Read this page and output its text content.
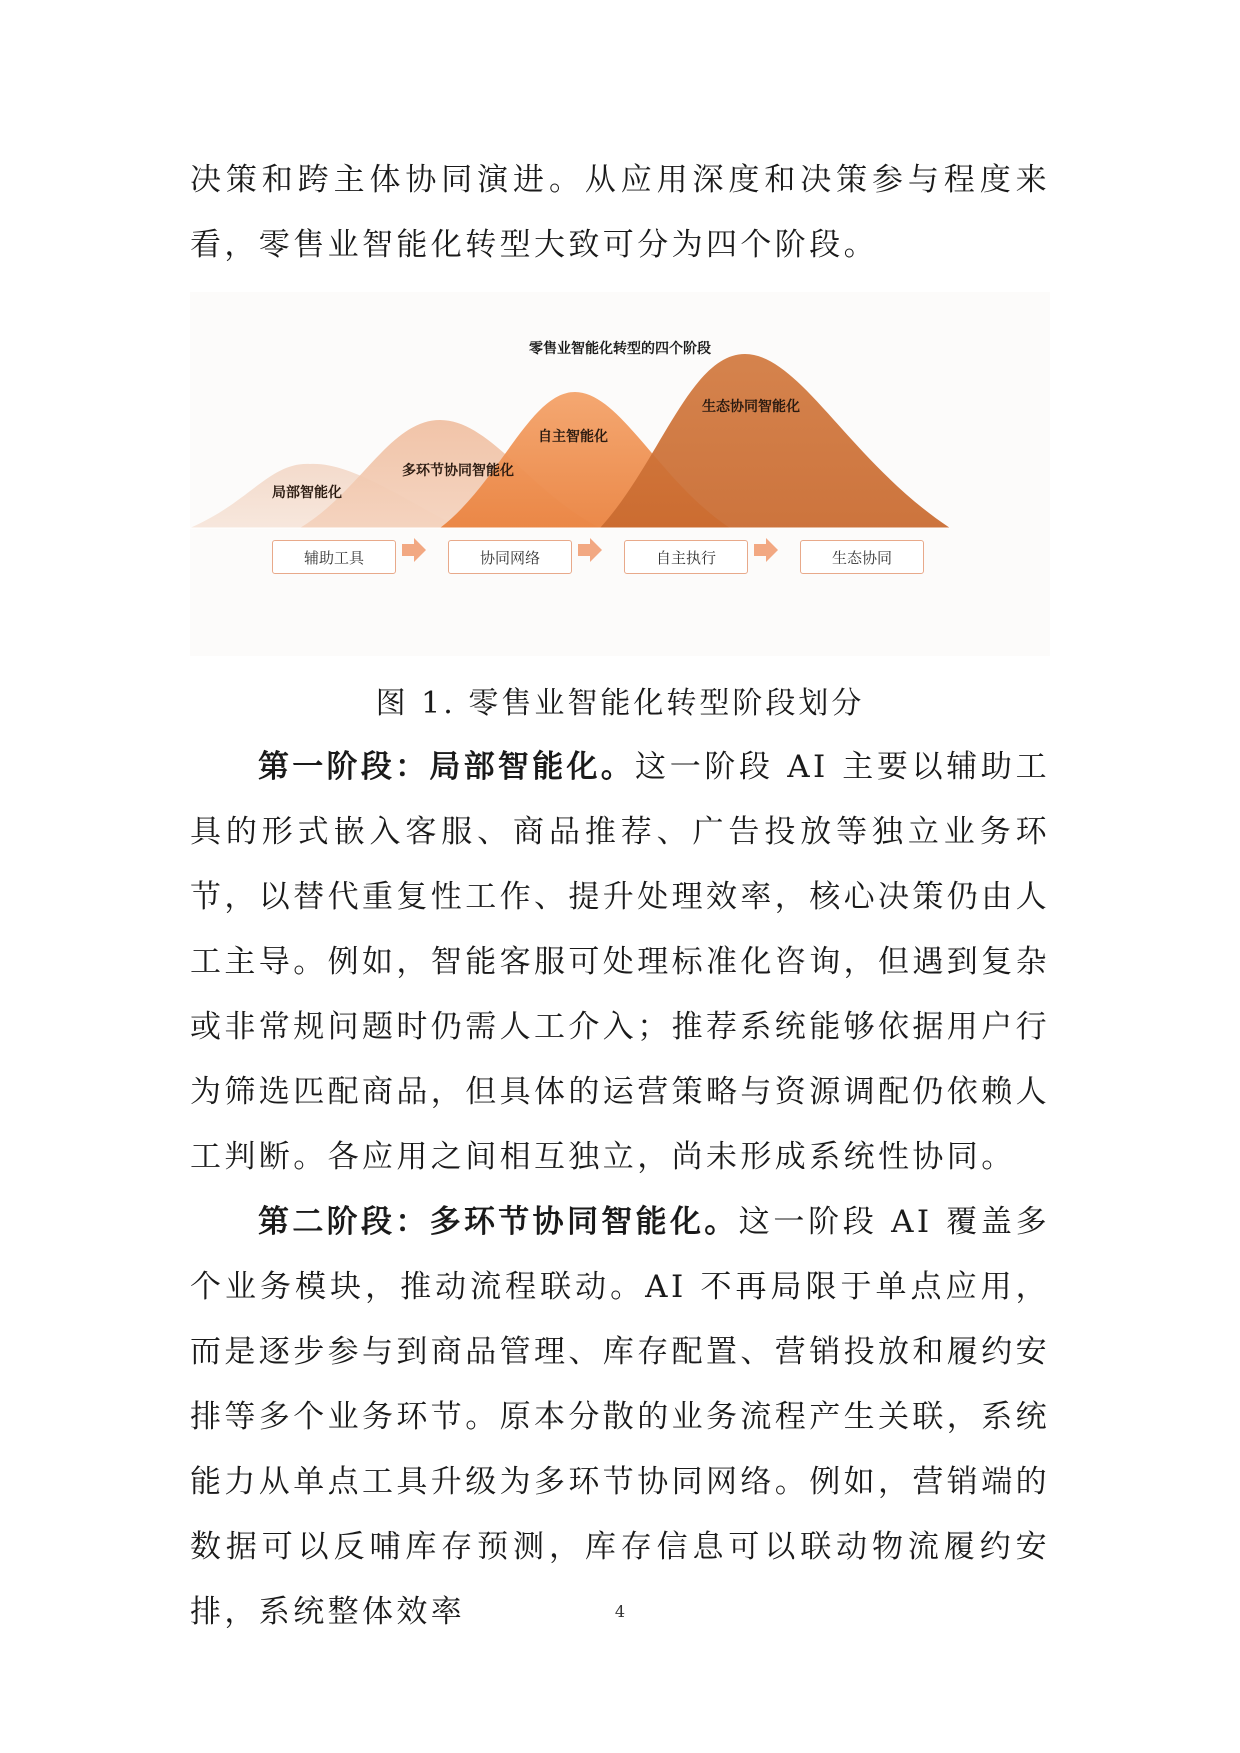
决策和跨主体协同演进。从应用深度和决策参与程度来看，零售业智能化转型大致可分为四个阶段。

零售业智能化转型的四个阶段
局部智能化
多环节协同智能化
自主智能化
生态协同智能化
辅助工具	协同网络	自主执行	生态协同
图 1. 零售业智能化转型阶段划分

第一阶段：局部智能化。这一阶段 AI 主要以辅助工具的形式嵌入客服、商品推荐、广告投放等独立业务环节，以替代重复性工作、提升处理效率，核心决策仍由人工主导。例如，智能客服可处理标准化咨询，但遇到复杂或非常规问题时仍需人工介入；推荐系统能够依据用户行为筛选匹配商品，但具体的运营策略与资源调配仍依赖人工判断。各应用之间相互独立，尚未形成系统性协同。

第二阶段：多环节协同智能化。这一阶段 AI 覆盖多个业务模块，推动流程联动。AI 不再局限于单点应用，而是逐步参与到商品管理、库存配置、营销投放和履约安排等多个业务环节。原本分散的业务流程产生关联，系统能力从单点工具升级为多环节协同网络。例如，营销端的数据可以反哺库存预测，库存信息可以联动物流履约安排，系统整体效率	4
